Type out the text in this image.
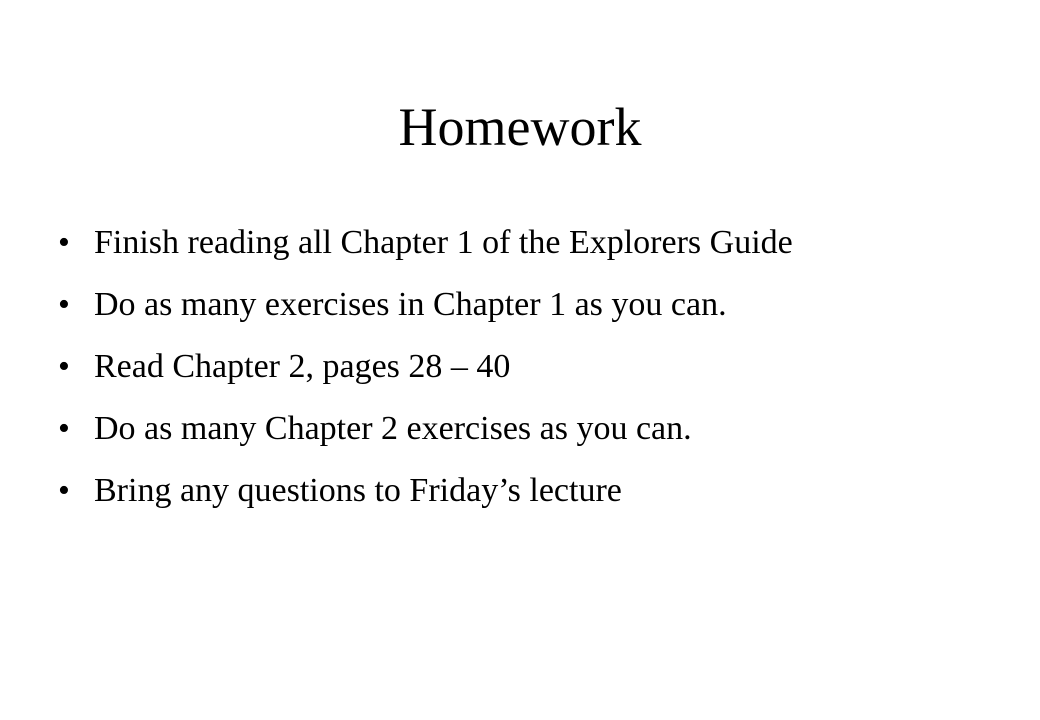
Homework
• Finish reading all Chapter 1 of the Explorers Guide
• Do as many exercises in Chapter 1 as you can.
• Read Chapter 2, pages 28 – 40
• Do as many Chapter 2 exercises as you can.
• Bring any questions to Friday’s lecture
